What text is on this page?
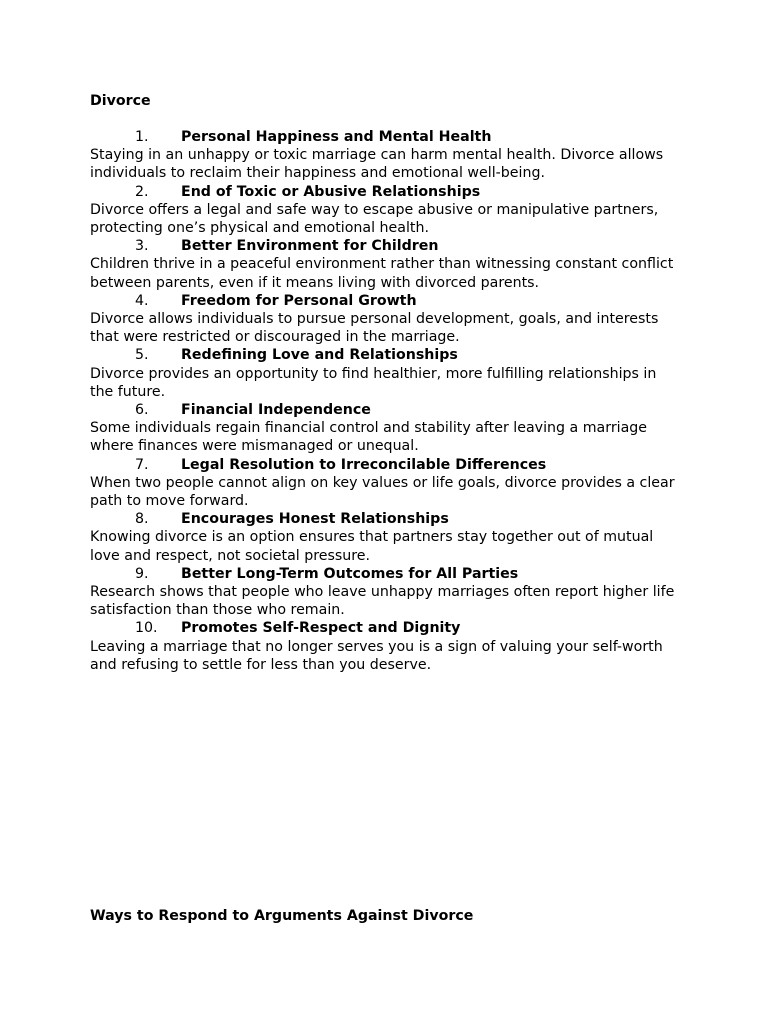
Divorce
1.	Personal Happiness and Mental Health

Staying in an unhappy or toxic marriage can harm mental health. Divorce allows individuals to reclaim their happiness and emotional well-being.

2.	End of Toxic or Abusive Relationships

Divorce offers a legal and safe way to escape abusive or manipulative partners, protecting one’s physical and emotional health.

3.	Better Environment for Children

Children thrive in a peaceful environment rather than witnessing constant conflict between parents, even if it means living with divorced parents.

4.	Freedom for Personal Growth

Divorce allows individuals to pursue personal development, goals, and interests that were restricted or discouraged in the marriage.

5.	Redefining Love and Relationships

Divorce provides an opportunity to find healthier, more fulfilling relationships in the future.

6.	Financial Independence

Some individuals regain financial control and stability after leaving a marriage where finances were mismanaged or unequal.

7.	Legal Resolution to Irreconcilable Differences

When two people cannot align on key values or life goals, divorce provides a clear path to move forward.

8.	Encourages Honest Relationships

Knowing divorce is an option ensures that partners stay together out of mutual love and respect, not societal pressure.

9.	Better Long-Term Outcomes for All Parties

Research shows that people who leave unhappy marriages often report higher life satisfaction than those who remain.

10.	Promotes Self-Respect and Dignity

Leaving a marriage that no longer serves you is a sign of valuing your self-worth and refusing to settle for less than you deserve.

Ways to Respond to Arguments Against Divorce
